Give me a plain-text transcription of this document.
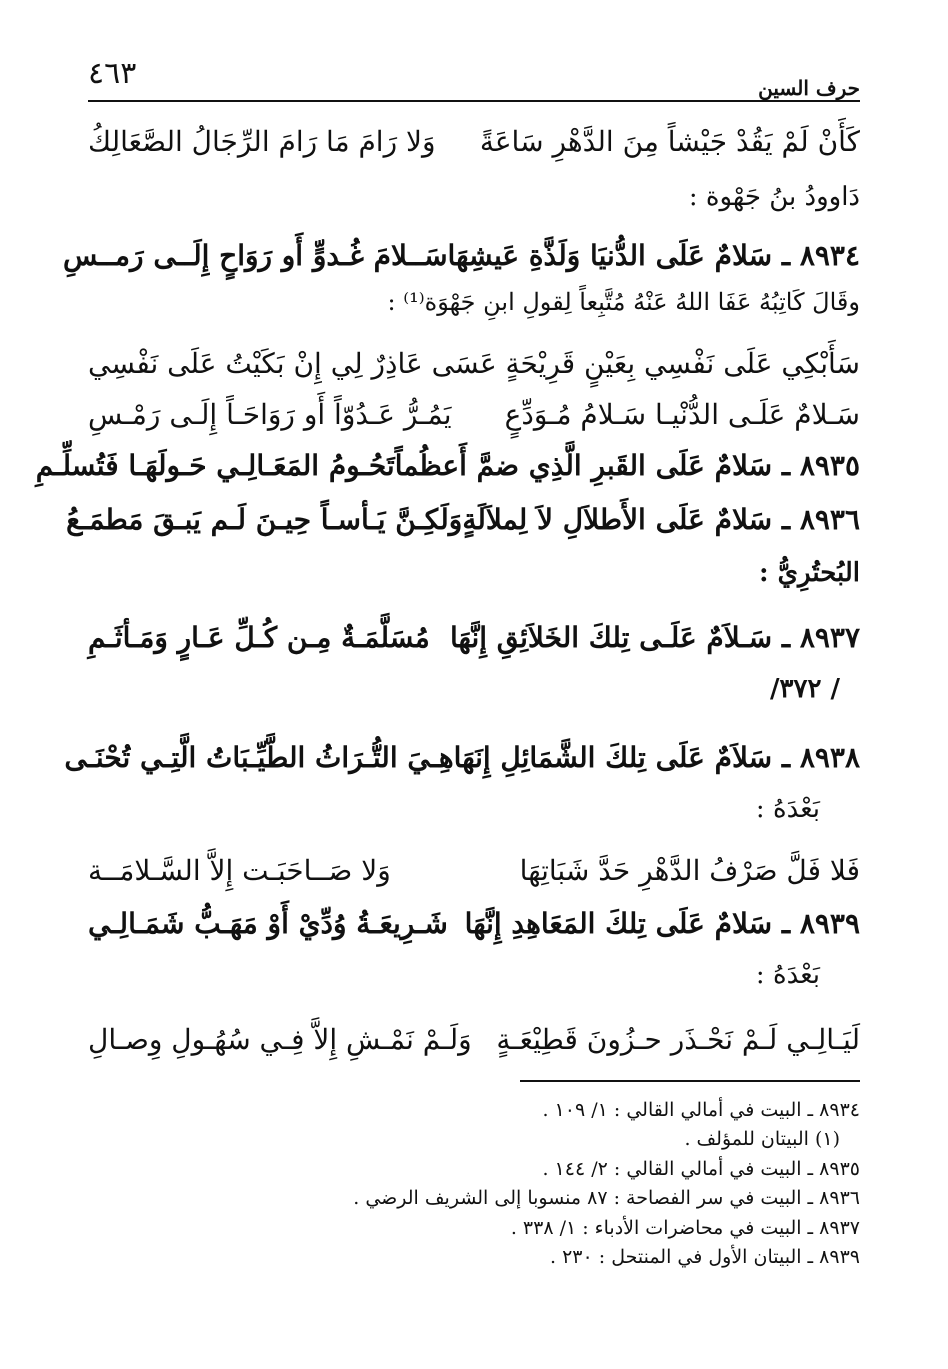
٤٦٣	حرف السين
كَأَنْ لَمْ يَقُدْ جَيْشاً مِنَ الدَّهْرِ سَاعَةً
وَلا رَامَ مَا رَامَ الرِّجَالُ الصَّعَالِكُ
دَاوودُ بنُ جَهْوة :
٨٩٣٤ ـ سَلامٌ عَلَى الدُّنيَا وَلَذَّةِ عَيشِهَا
سَــلامَ غُـدوٍّ أَو رَوَاحٍ إِلَــى رَمــسِ
وقَالَ كَاتِبُهُ عَفَا اللهُ عَنْهُ مُتَّبِعاً لِقولِ ابنِ جَهْوَة⁽¹⁾ :
سَأَبْكِي عَلَى نَفْسِي بِعَيْنٍ قَرِيْحَةٍ
عَسَى عَاذِرٌ لِي إِنْ بَكَيْتُ عَلَى نَفْسِي
سَـلامٌ عَلَـى الدُّنْيـا سَـلامُ مُـوَدِّعٍ
يَمُـرُّ عَـدُوّاً أَو رَوَاحَـاً إِلَـى رَمْـسِ
٨٩٣٥ ـ سَلامٌ عَلَى القَبرِ الَّذِي ضمَّ أَعظُماً
تَحُـومُ المَعَـالِـي حَـولَهَـا فَتُسلِّـمِ
٨٩٣٦ ـ سَلامٌ عَلَى الأَطلاَلِ لاَ لِملاَلَةٍ
وَلَكِـنَّ يَـأسـاً حِيـنَ لَـم يَبـقَ مَطمَـعُ
البُحتُرِيُّ :
٨٩٣٧ ـ سَـلاَمٌ عَلَـى تِلكَ الخَلاَئِقِ إِنَّهَا
مُسَلَّمَـةٌ مِـن كُـلِّ عَـارٍ وَمَـأثَـمِ
/ ٣٧٢/
٨٩٣٨ ـ سَلاَمٌ عَلَى تِلكَ الشَّمَائِلِ إِنَهَا
هِـيَ التُّـرَاثُ الطَّيِّـبَاتُ الَّتِـي تُحْنَـى
بَعْدَهُ :
فَلا فَلَّ صَرْفُ الدَّهْرِ حَدَّ شَبَاتِهَا
وَلا صَــاحَبَـت إِلاَّ السَّـلامَــة
٨٩٣٩ ـ سَلامٌ عَلَى تِلكَ المَعَاهِدِ إِنَّهَا
شَـرِيعَـةُ وُدِّيْ أَوْ مَهَـبُّ شَمَـالِـي
بَعْدَهُ :
لَيَـالِـي لَـمْ نَحْـذَر حـزُونَ قَطِيْعَـةٍ
وَلَـمْ نَمْـشِ إِلاَّ فِـي سُهُـولِ وِصـالِ
٨٩٣٤ ـ البيت في أمالي القالي : ١/ ١٠٩ .
(١) البيتان للمؤلف .
٨٩٣٥ ـ البيت في أمالي القالي : ٢/ ١٤٤ .
٨٩٣٦ ـ البيت في سر الفصاحة : ٨٧ منسوبا إلى الشريف الرضي .
٨٩٣٧ ـ البيت في محاضرات الأدباء : ١/ ٣٣٨ .
٨٩٣٩ ـ البيتان الأول في المنتحل : ٢٣٠ .
